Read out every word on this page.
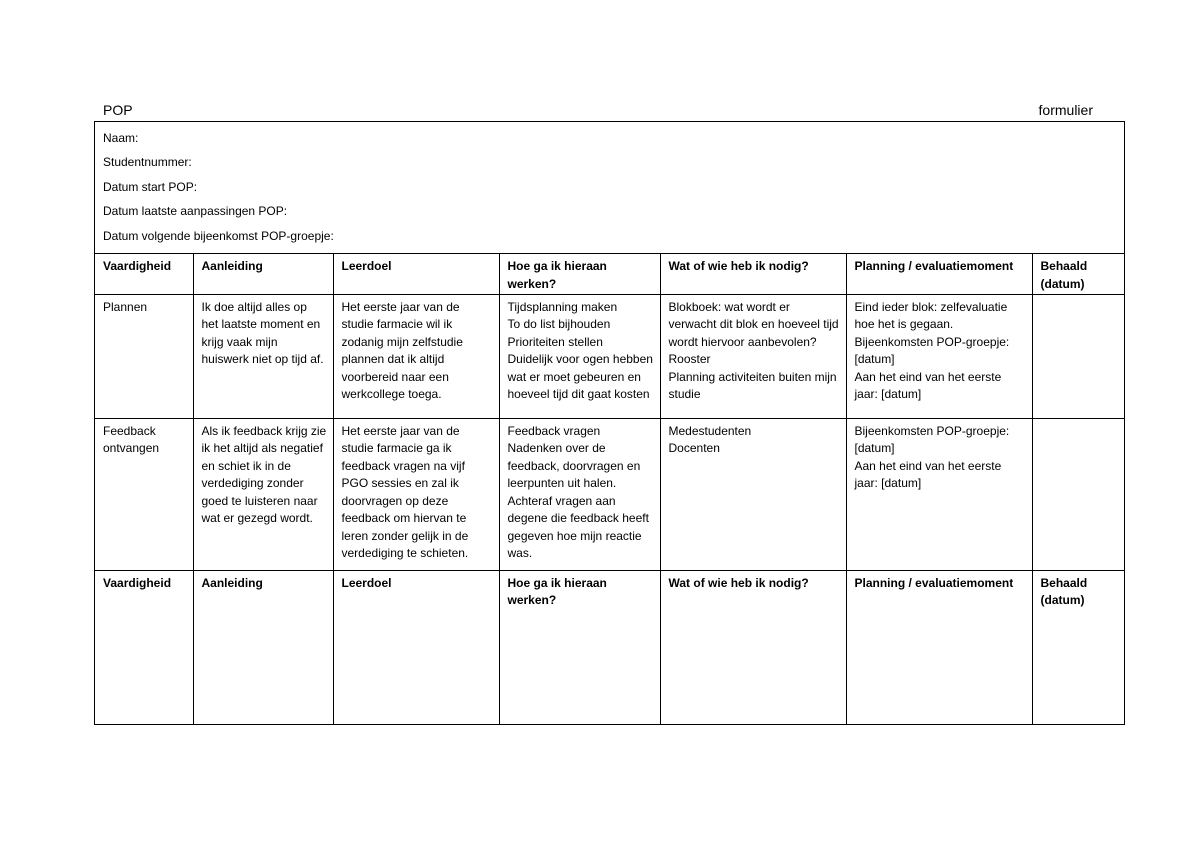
POP	formulier
Naam:
Studentnummer:
Datum start POP:
Datum laatste aanpassingen POP:
Datum volgende bijeenkomst POP-groepje:
Vaardigheid	Aanleiding	Leerdoel	Hoe ga ik hieraan werken?	Wat of wie heb ik nodig?	Planning / evaluatiemoment	Behaald (datum)
Plannen	Ik doe altijd alles op het laatste moment en krijg vaak mijn huiswerk niet op tijd af.	Het eerste jaar van de studie farmacie wil ik zodanig mijn zelfstudie plannen dat ik altijd voorbereid naar een werkcollege toega.	Tijdsplanning maken
To do list bijhouden
Prioriteiten stellen
Duidelijk voor ogen hebben wat er moet gebeuren en hoeveel tijd dit gaat kosten	Blokboek: wat wordt er verwacht dit blok en hoeveel tijd wordt hiervoor aanbevolen?
Rooster
Planning activiteiten buiten mijn studie	Eind ieder blok: zelfevaluatie hoe het is gegaan.
Bijeenkomsten POP-groepje: [datum]
Aan het eind van het eerste jaar: [datum]	

Feedback ontvangen	Als ik feedback krijg zie ik het altijd als negatief en schiet ik in de verdediging zonder goed te luisteren naar wat er gezegd wordt.	Het eerste jaar van de studie farmacie ga ik feedback vragen na vijf PGO sessies en zal ik doorvragen op deze feedback om hiervan te leren zonder gelijk in de verdediging te schieten.	Feedback vragen
Nadenken over de feedback, doorvragen en leerpunten uit halen.
Achteraf vragen aan degene die feedback heeft gegeven hoe mijn reactie was.	Medestudenten
Docenten	Bijeenkomsten POP-groepje: [datum]
Aan het eind van het eerste jaar: [datum]	

Vaardigheid	Aanleiding	Leerdoel	Hoe ga ik hieraan werken?	Wat of wie heb ik nodig?	Planning / evaluatiemoment	Behaald (datum)
